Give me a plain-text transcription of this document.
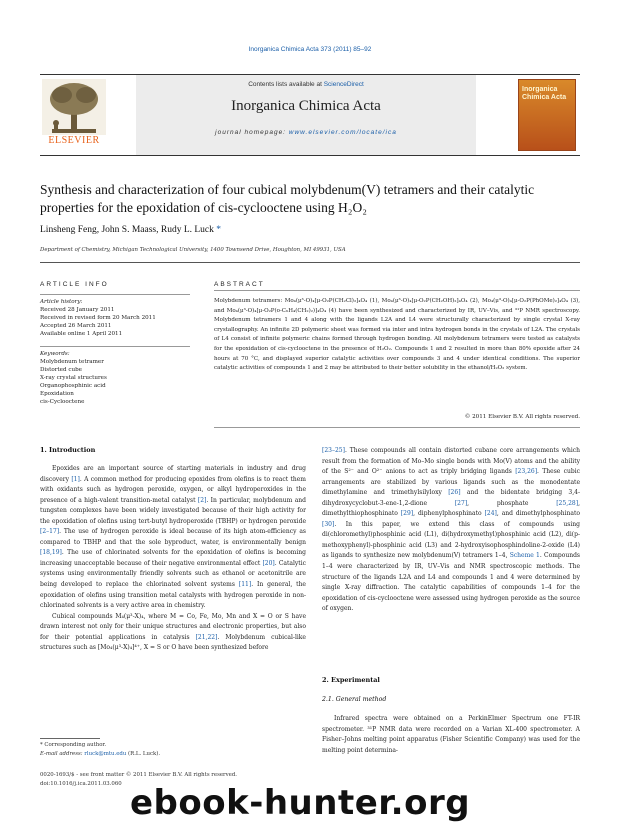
Inorganica Chimica Acta 373 (2011) 85–92
ELSEVIER
Contents lists available at ScienceDirect
Inorganica Chimica Acta
journal homepage: www.elsevier.com/locate/ica
Inorganica Chimica Acta
Synthesis and characterization of four cubical molybdenum(V) tetramers and their catalytic properties for the epoxidation of cis-cyclooctene using H₂O₂
Linsheng Feng, John S. Maass, Rudy L. Luck *
Department of Chemistry, Michigan Technological University, 1400 Townsend Drive, Houghton, MI 49931, USA
ARTICLE INFO	ABSTRACT
Article history:
Received 28 January 2011
Received in revised form 20 March 2011
Accepted 26 March 2011
Available online 1 April 2011
Keywords:
Molybdenum tetramer
Distorted cube
X-ray crystal structures
Organophosphinic acid
Epoxidation
cis-Cyclooctene
Molybdenum tetramers: Mo₄(μ³-O)₄[μ-O₂P(CH₂Cl)₂]₄O₄ (1), Mo₄(μ³-O)₄[μ-O₂P(CH₂OH)₂]₄O₄ (2), Mo₄(μ³-O)₄[μ-O₂P(PhOMe)₂]₄O₄ (3), and Mo₄(μ³-O)₄[μ-O₂P(o-C₆H₄(CH₂)₂)]₄O₄ (4) have been synthesized and characterized by IR, UV–Vis, and ³¹P NMR spectroscopy. Molybdenum tetramers 1 and 4 along with the ligands L2A and L4 were structurally characterized by single crystal X-ray crystallography. An infinite 2D polymeric sheet was formed via inter and intra hydrogen bonds in the crystals of L2A. The crystals of L4 consist of infinite polymeric chains formed through hydrogen bonding. All molybdenum tetramers were tested as catalysts for the epoxidation of cis-cyclooctene in the presence of H₂O₂. Compounds 1 and 2 resulted in more than 80% epoxide after 24 hours at 70 °C, and displayed superior catalytic activities over compounds 3 and 4 under identical conditions. The superior catalytic activities of compounds 1 and 2 may be attributed to their better solubility in the ethanol/H₂O₂ system.
© 2011 Elsevier B.V. All rights reserved.
1. Introduction

Epoxides are an important source of starting materials in industry and drug discovery [1]. A common method for producing epoxides from olefins is to react them with oxidants such as hydrogen peroxide, oxygen, or alkyl hydroperoxides in the presence of a high-valent transition-metal catalyst [2]. In particular, molybdenum and tungsten complexes have been widely investigated because of their high activity for the epoxidation of olefins using tert-butyl hydroperoxide (TBHP) or hydrogen peroxide [2–17]. The use of hydrogen peroxide is ideal because of its high atom-efficiency as compared to TBHP and that the sole byproduct, water, is environmentally benign [18,19]. The use of chlorinated solvents for the epoxidation of olefins is becoming increasing unacceptable because of their negative environmental effect [20]. Catalytic systems using environmentally friendly solvents such as ethanol or acetonitrile are being developed to replace the chlorinated solvent systems [11]. In general, the epoxidation of olefins using transition metal catalysts with hydrogen peroxide in non-chlorinated solvents is a very active area in chemistry.

Cubical compounds M₄(μ³-X)₄, where M = Co, Fe, Mo, Mn and X = O or S have drawn interest not only for their unique structures and electronic properties, but also for their potential applications in catalysis [21,22]. Molybdenum cubical-like structures such as [Mo₄(μ³-X)₄]⁴⁺, X = S or O have been synthesized before

[23–25]. These compounds all contain distorted cubane core arrangements which result from the formation of Mo–Mo single bonds with Mo(V) atoms and the ability of the S²⁻ and O²⁻ anions to act as triply bridging ligands [23,26]. These cubic arrangements are stabilized by various ligands such as the monodentate dimethylamine and trimethylsilyloxy [26] and the bidentate bridging 3,4-dihydroxycyclobut-3-ene-1,2-dione [27], phosphate [25,28], dimethylthiophosphinato [29], diphenylphosphinato [24], and dimethylphosphinato [30]. In this paper, we extend this class of compounds using di(chloromethyl)phosphinic acid (L1), di(hydroxymethyl)phosphinic acid (L2), di(p-methoxyphenyl)-phosphinic acid (L3) and 2-hydroxyisophosphindoline-2-oxide (L4) as ligands to synthesize new molybdenum(V) tetramers 1–4, Scheme 1. Compounds 1–4 were characterized by IR, UV–Vis and NMR spectroscopic methods. The structure of the ligands L2A and L4 and compounds 1 and 4 were determined by single X-ray diffraction. The catalytic capabilities of compounds 1–4 for the epoxidation of cis-cyclooctene were assessed using hydrogen peroxide as the source of oxygen.

2. Experimental
2.1. General method

Infrared spectra were obtained on a PerkinElmer Spectrum one FT-IR spectrometer. ³¹P NMR data were recorded on a Varian XL-400 spectrometer. A Fisher–Johns melting point apparatus (Fisher Scientific Company) was used for the melting point determina-

* Corresponding author.
E-mail address: rluck@mtu.edu (R.L. Luck).
0020-1693/$ - see front matter © 2011 Elsevier B.V. All rights reserved.
doi:10.1016/j.ica.2011.03.060 ebook-hunter.org
